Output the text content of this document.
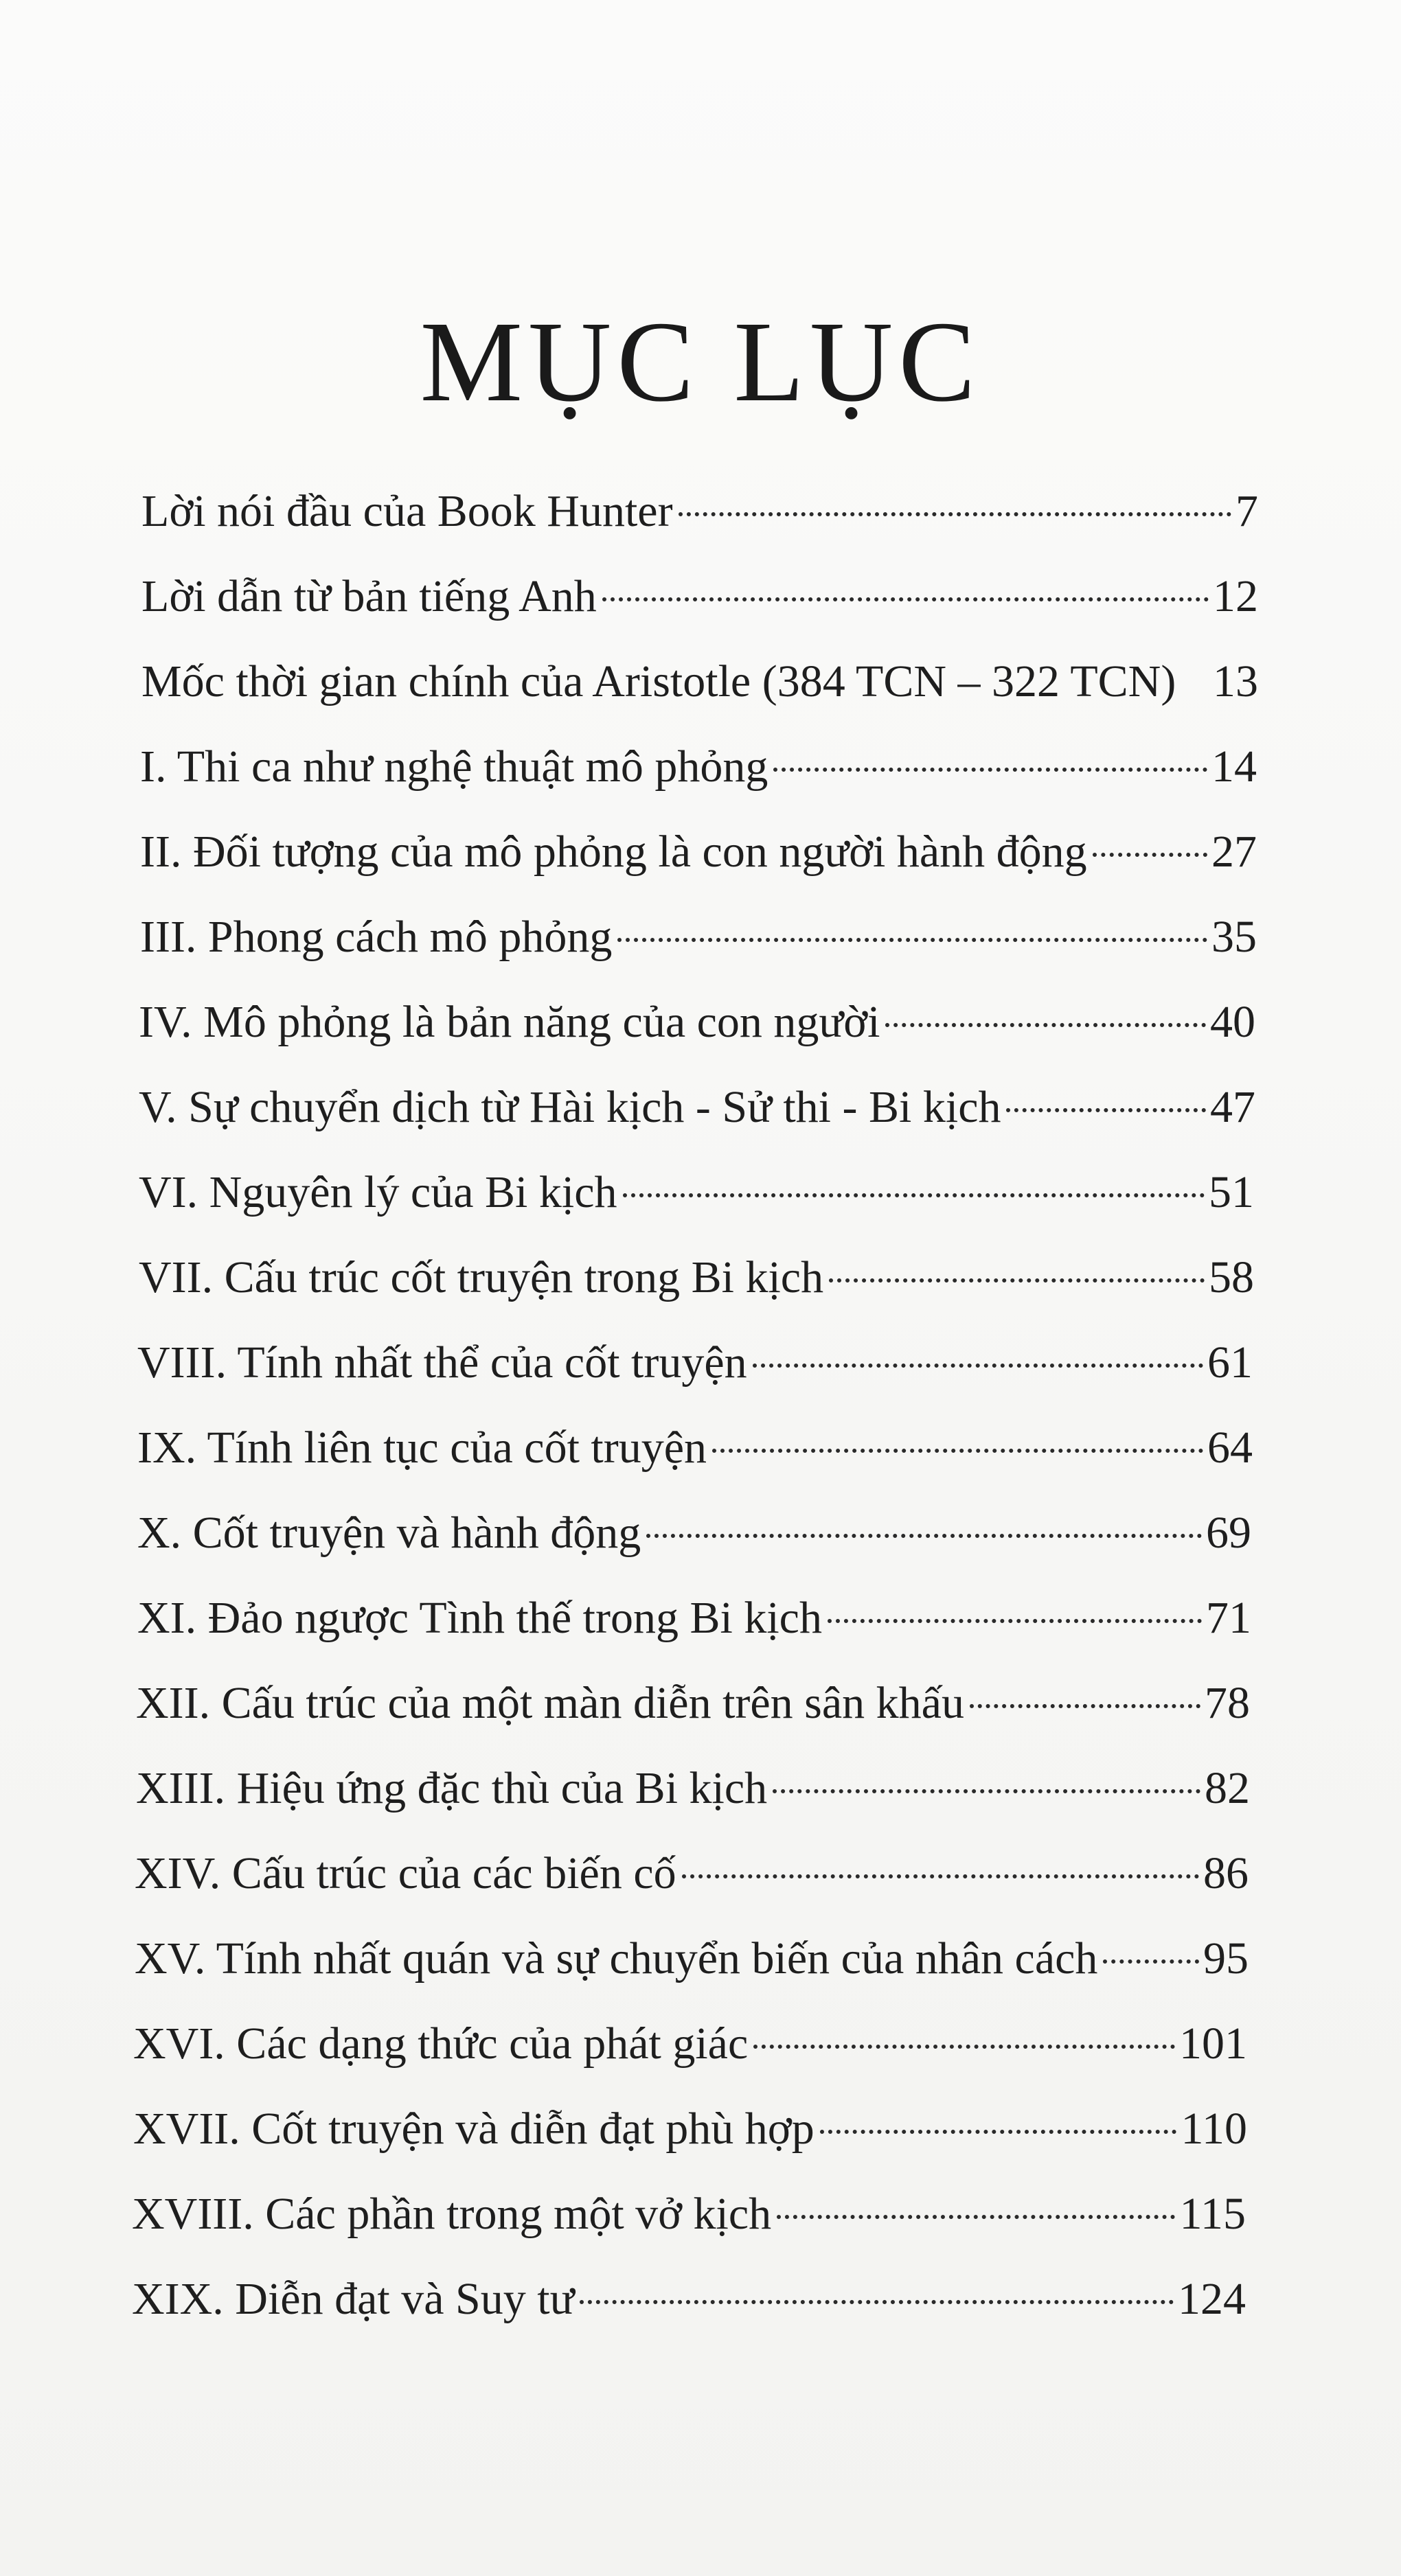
MỤC LỤC
Lời nói đầu của Book Hunter	7
Lời dẫn từ bản tiếng Anh	12
Mốc thời gian chính của Aristotle (384 TCN – 322 TCN) 13
I. Thi ca như nghệ thuật mô phỏng	14
II. Đối tượng của mô phỏng là con người hành động	27
III. Phong cách mô phỏng	35
IV. Mô phỏng là bản năng của con người	40
V. Sự chuyển dịch từ Hài kịch - Sử thi - Bi kịch	47
VI. Nguyên lý của Bi kịch	51
VII. Cấu trúc cốt truyện trong Bi kịch	58
VIII. Tính nhất thể của cốt truyện	61
IX. Tính liên tục của cốt truyện	64
X. Cốt truyện và hành động	69
XI. Đảo ngược Tình thế trong Bi kịch	71
XII. Cấu trúc của một màn diễn trên sân khấu	78
XIII. Hiệu ứng đặc thù của Bi kịch	82
XIV. Cấu trúc của các biến cố	86
XV. Tính nhất quán và sự chuyển biến của nhân cách 95
XVI. Các dạng thức của phát giác	101
XVII. Cốt truyện và diễn đạt phù hợp	110
XVIII. Các phần trong một vở kịch	115
XIX. Diễn đạt và Suy tư	124
